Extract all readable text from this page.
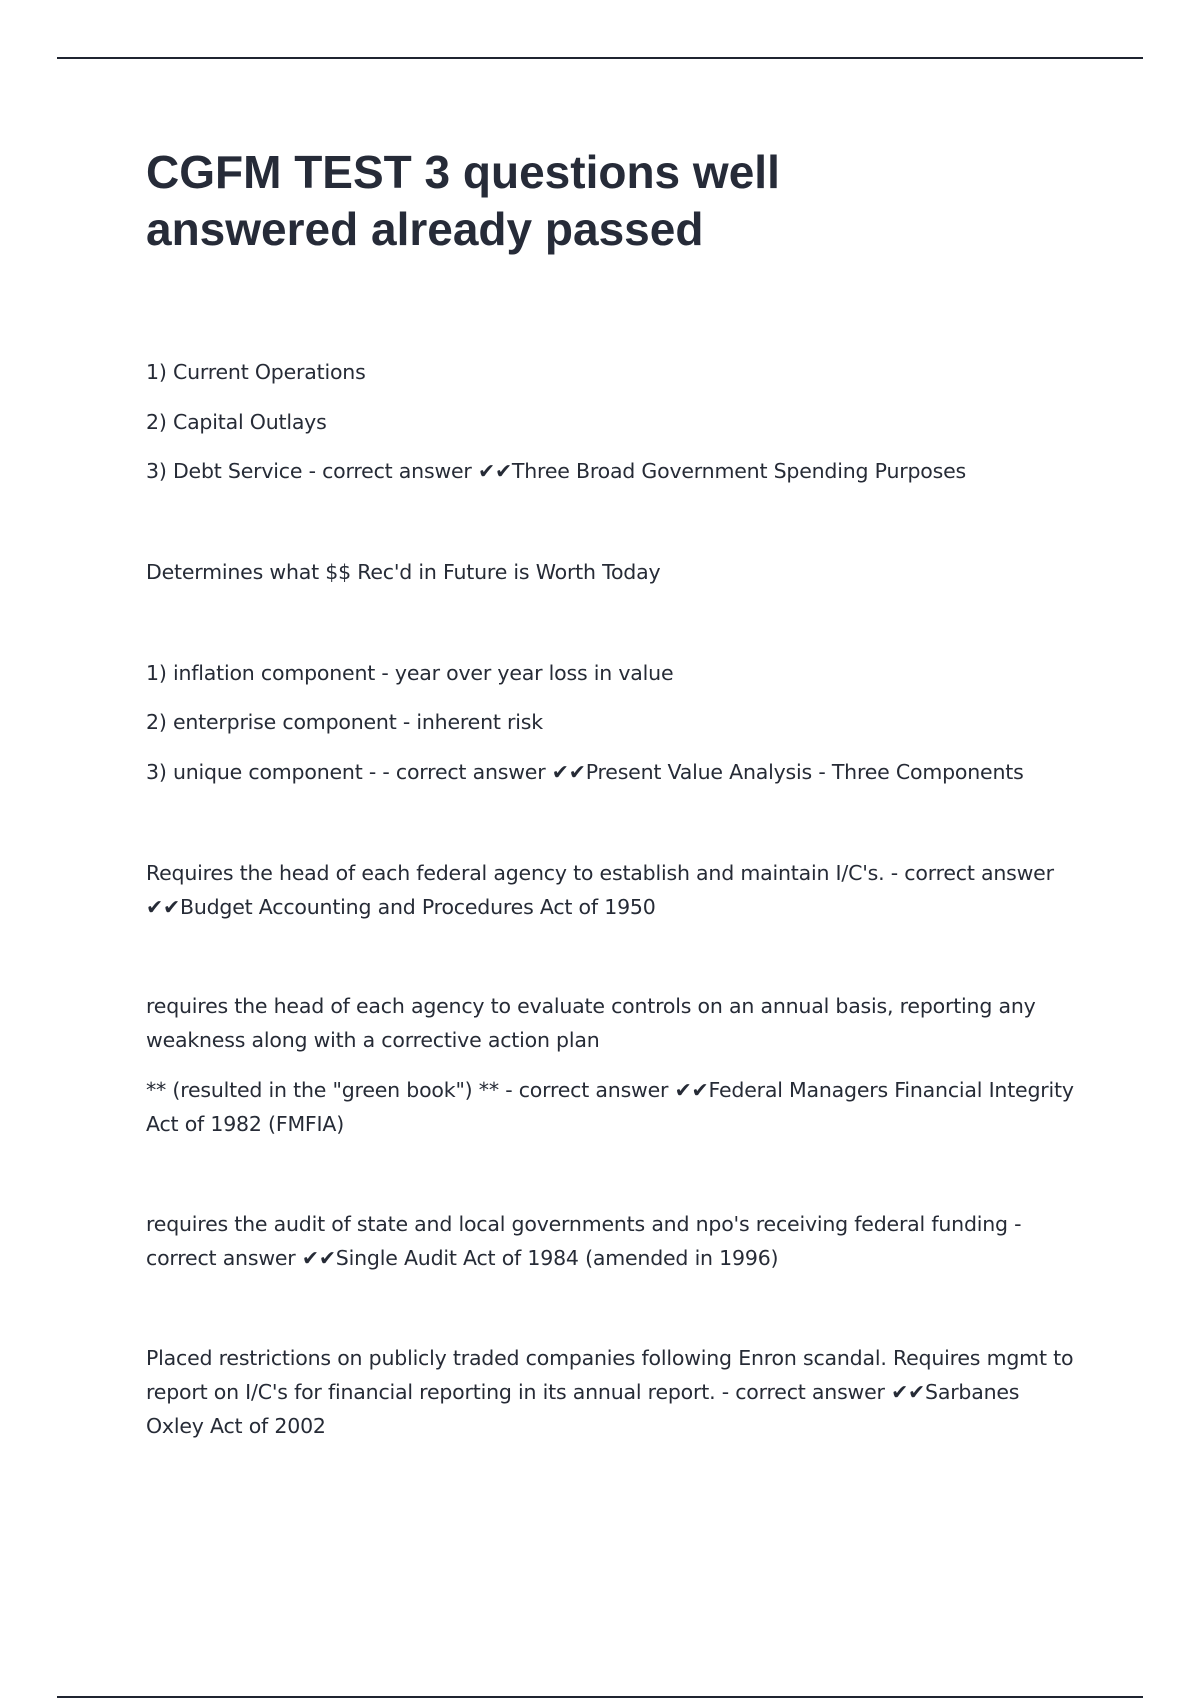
CGFM TEST 3 questions well answered already passed

1) Current Operations

2) Capital Outlays

3) Debt Service - correct answer ✔✔Three Broad Government Spending Purposes

Determines what $$ Rec'd in Future is Worth Today

1) inflation component - year over year loss in value

2) enterprise component - inherent risk

3) unique component - - correct answer ✔✔Present Value Analysis - Three Components

Requires the head of each federal agency to establish and maintain I/C's. - correct answer ✔✔Budget Accounting and Procedures Act of 1950

requires the head of each agency to evaluate controls on an annual basis, reporting any weakness along with a corrective action plan

** (resulted in the "green book") ** - correct answer ✔✔Federal Managers Financial Integrity Act of 1982 (FMFIA)

requires the audit of state and local governments and npo's receiving federal funding - correct answer ✔✔Single Audit Act of 1984 (amended in 1996)

Placed restrictions on publicly traded companies following Enron scandal. Requires mgmt to report on I/C's for financial reporting in its annual report. - correct answer ✔✔Sarbanes Oxley Act of 2002
